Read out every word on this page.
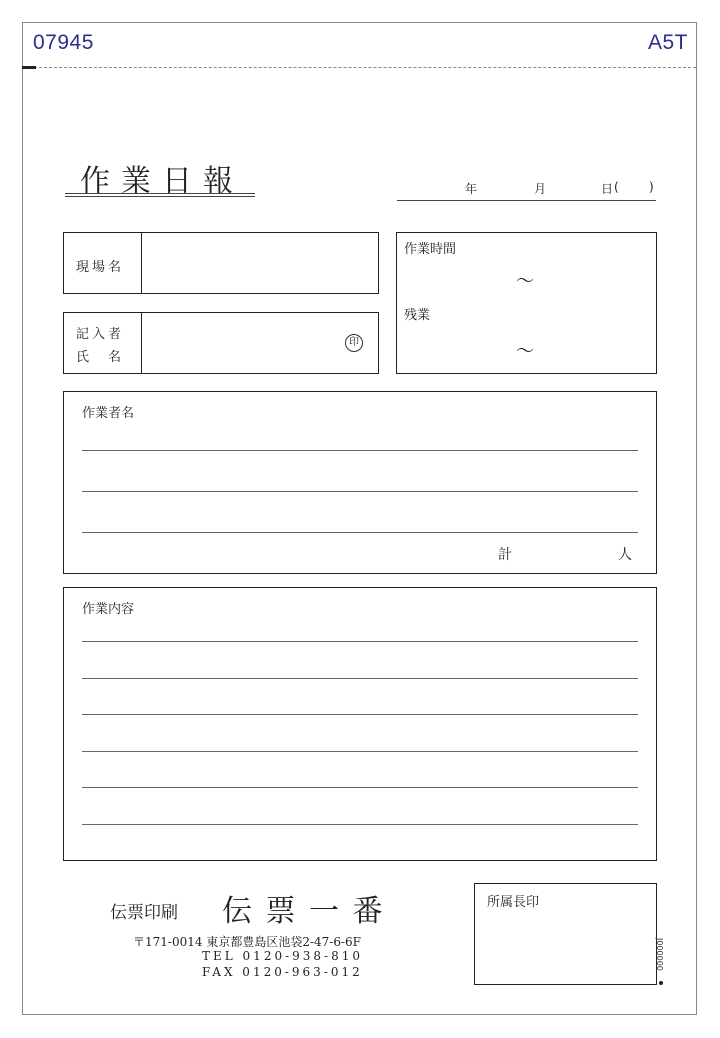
07945	A5T
作業日報	年	月	日 (	)
現場名
記入者
氏　名
印
作業時間
～
残業
～
作業者名
計	人
作業内容
伝票印刷 伝 票 一 番
〒171-0014 東京都豊島区池袋2-47-6-6F
TEL 0120-938-810
FAX 0120-963-012
所属長印
J000000
